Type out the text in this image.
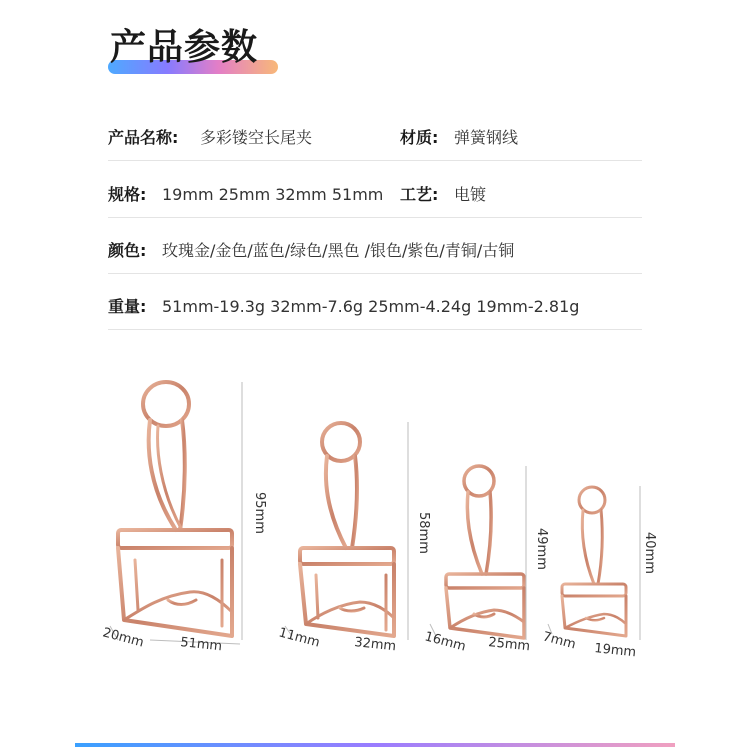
产品参数
产品名称: 多彩镂空长尾夹	材质: 弹簧钢线
规格: 19mm 25mm 32mm 51mm 工艺: 电镀
颜色: 玫瑰金/金色/蓝色/绿色/黑色 /银色/紫色/青铜/古铜
重量: 51mm-19.3g 32mm-7.6g 25mm-4.24g 19mm-2.81g
95mm	58mm	49mm	40mm
20mm	51mm	11mm 32mm 16mm 25mm 7mm 19mm
